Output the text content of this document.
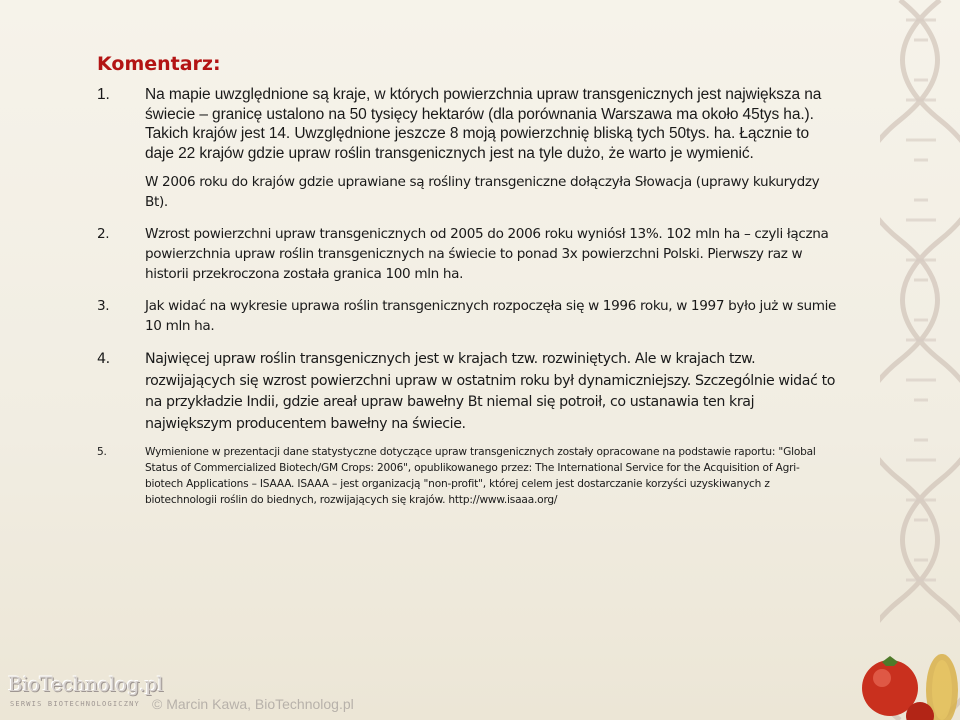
BioTechnolog.pl
SERWIS BIOTECHNOLOGICZNY © Marcin Kawa, BioTechnolog.pl
Komentarz:
1. Na mapie uwzględnione są kraje, w których powierzchnia upraw transgenicznych jest największa na świecie – granicę ustalono na 50 tysięcy hektarów (dla porównania Warszawa ma około 45tys ha.). Takich krajów jest 14. Uwzględnione jeszcze 8 moją powierzchnię bliską tych 50tys. ha. Łącznie to daje 22 krajów gdzie upraw roślin transgenicznych jest na tyle dużo, że warto je wymienić.

W 2006 roku do krajów gdzie uprawiane są rośliny transgeniczne dołączyła Słowacja (uprawy kukurydzy Bt).

2.	Wzrost powierzchni upraw transgenicznych od 2005 do 2006 roku wyniósł 13%. 102 mln ha – czyli łączna powierzchnia upraw roślin transgenicznych na świecie to ponad 3x powierzchni Polski. Pierwszy raz w historii przekroczona została granica 100 mln ha.

3.	Jak widać na wykresie uprawa roślin transgenicznych rozpoczęła się w 1996 roku, w 1997 było już w sumie 10 mln ha.

4. Najwięcej upraw roślin transgenicznych jest w krajach tzw. rozwiniętych. Ale w krajach tzw. rozwijających się wzrost powierzchni upraw w ostatnim roku był dynamiczniejszy. Szczególnie widać to na przykładzie Indii, gdzie areał upraw bawełny Bt niemal się potroił, co ustanawia ten kraj największym producentem bawełny na świecie.

5.	Wymienione w prezentacji dane statystyczne dotyczące upraw transgenicznych zostały opracowane na podstawie raportu: "Global Status of Commercialized Biotech/GM Crops: 2006", opublikowanego przez: The International Service for the Acquisition of Agri-biotech Applications – ISAAA. ISAAA – jest organizacją "non-profit", której celem jest dostarczanie korzyści uzyskiwanych z biotechnologii roślin do biednych, rozwijających się krajów. http://www.isaaa.org/
